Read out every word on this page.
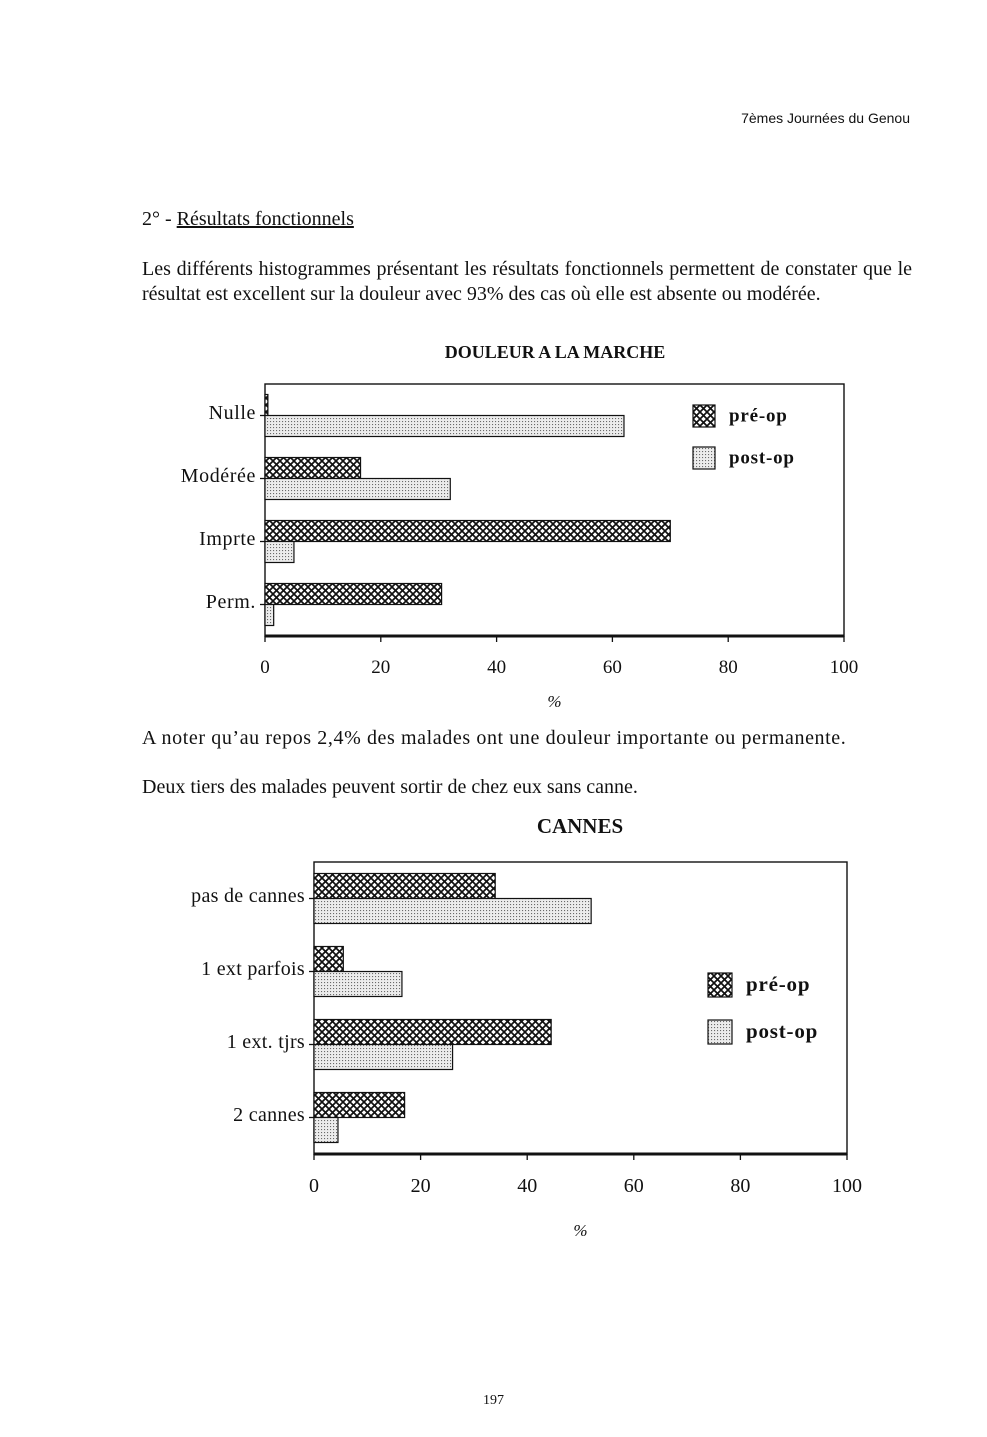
7èmes Journées du Genou
2° - Résultats fonctionnels

Les différents histogrammes présentant les résultats fonctionnels permettent de constater que le résultat est excellent sur la douleur avec 93% des cas où elle est absente ou modérée.

DOULEUR A LA MARCHE
Nulle
Modérée
Imprte
Perm.
0	20	40	60	80	100
%
pré-op
post-op

A noter qu’au repos 2,4% des malades ont une douleur importante ou permanente.

Deux tiers des malades peuvent sortir de chez eux sans canne.

CANNES
pas de cannes
1 ext parfois
1 ext. tjrs
2 cannes
0	20	40	60	80	100
%
pré-op
post-op
197
